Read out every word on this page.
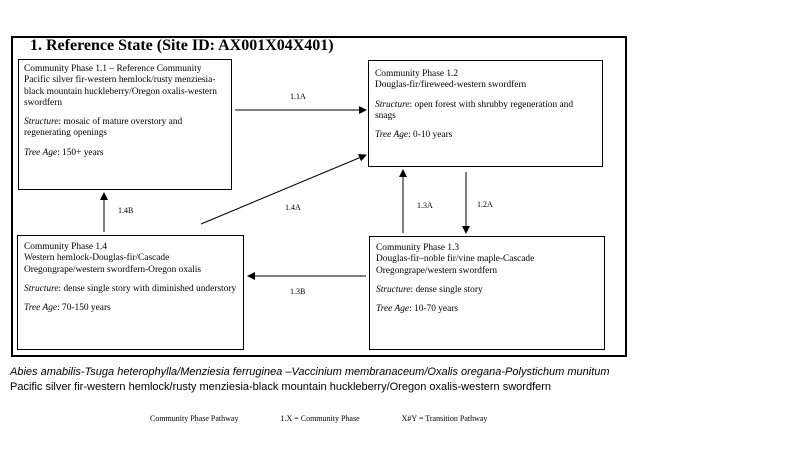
1. Reference State (Site ID: AX001X04X401)

Community Phase 1.1 – Reference Community

Pacific silver fir-western hemlock/rusty menziesia-black mountain huckleberry/Oregon oxalis-western swordfern

Structure: mosaic of mature overstory and regenerating openings

Tree Age: 150+ years

Community Phase 1.2

Douglas-fir/fireweed-western swordfern

Structure: open forest with shrubby regeneration and snags

Tree Age: 0-10 years

Community Phase 1.3

Douglas-fir–noble fir/vine maple-Cascade Oregongrape/western swordfern

Structure: dense single story

Tree Age: 10-70 years

Community Phase 1.4

Western hemlock-Douglas-fir/Cascade Oregongrape/western swordfern-Oregon oxalis

Structure: dense single story with diminished understory

Tree Age: 70-150 years

1.1A
1.2A
1.3A
1.3B
1.4A
1.4B
Abies amabilis-Tsuga heterophylla/Menziesia ferruginea –Vaccinium membranaceum/Oxalis oregana-Polystichum munitum
Pacific silver fir-western hemlock/rusty menziesia-black mountain huckleberry/Oregon oxalis-western swordfern
Community Phase Pathway	1.X = Community Phase	X#Y = Transition Pathway
